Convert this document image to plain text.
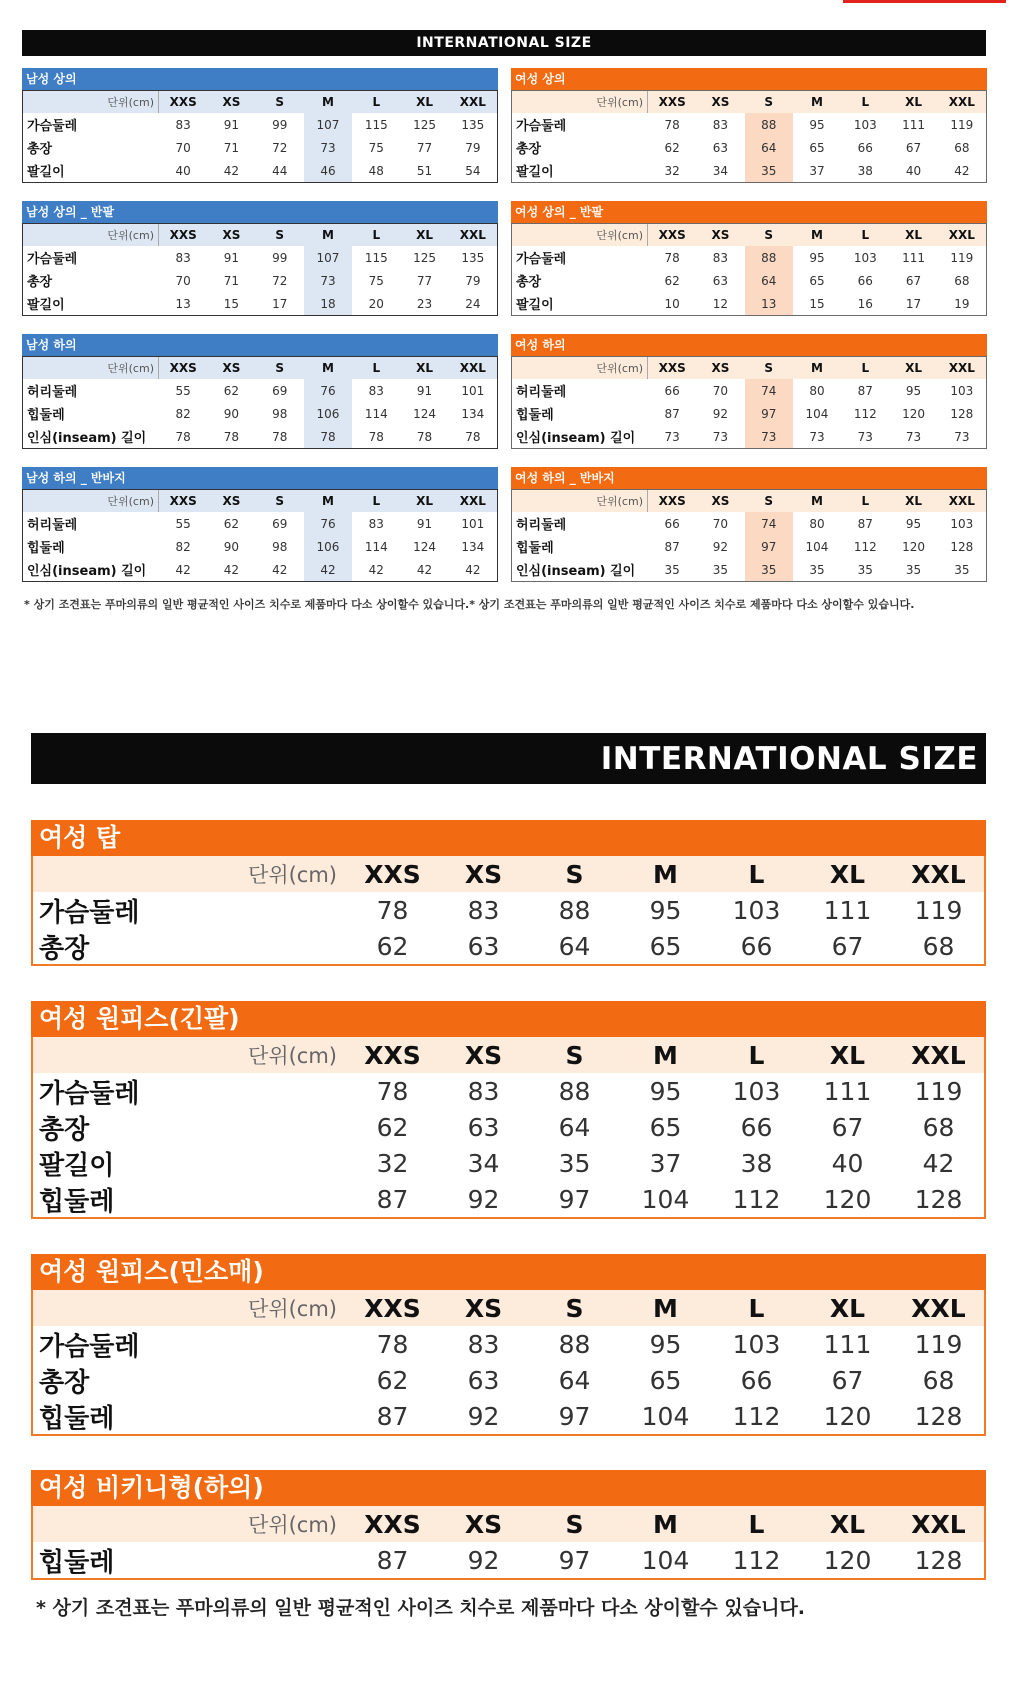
INTERNATIONAL SIZE
남성 상의
단위(cm)	XXS	XS	S	M	L	XL	XXL
가슴둘레	83	91	99	107	115	125	135
총장	70	71	72	73	75	77	79
팔길이	40	42	44	46	48	51	54
여성 상의
단위(cm)	XXS	XS	S	M	L	XL	XXL
가슴둘레	78	83	88	95	103	111	119
총장	62	63	64	65	66	67	68
팔길이	32	34	35	37	38	40	42
남성 상의 _ 반팔
단위(cm)	XXS	XS	S	M	L	XL	XXL
가슴둘레	83	91	99	107	115	125	135
총장	70	71	72	73	75	77	79
팔길이	13	15	17	18	20	23	24
여성 상의 _ 반팔
단위(cm)	XXS	XS	S	M	L	XL	XXL
가슴둘레	78	83	88	95	103	111	119
총장	62	63	64	65	66	67	68
팔길이	10	12	13	15	16	17	19
남성 하의
단위(cm)	XXS	XS	S	M	L	XL	XXL
허리둘레	55	62	69	76	83	91	101
힙둘레	82	90	98	106	114	124	134
인심(inseam) 길이	78	78	78	78	78	78	78
여성 하의
단위(cm)	XXS	XS	S	M	L	XL	XXL
허리둘레	66	70	74	80	87	95	103
힙둘레	87	92	97	104	112	120	128
인심(inseam) 길이	73	73	73	73	73	73	73
남성 하의 _ 반바지
단위(cm)	XXS	XS	S	M	L	XL	XXL
허리둘레	55	62	69	76	83	91	101
힙둘레	82	90	98	106	114	124	134
인심(inseam) 길이	42	42	42	42	42	42	42
여성 하의 _ 반바지
단위(cm)	XXS	XS	S	M	L	XL	XXL
허리둘레	66	70	74	80	87	95	103
힙둘레	87	92	97	104	112	120	128
인심(inseam) 길이	35	35	35	35	35	35	35
* 상기 조견표는 푸마의류의 일반 평균적인 사이즈 치수로 제품마다 다소 상이할수 있습니다.* 상기 조견표는 푸마의류의 일반 평균적인 사이즈 치수로 제품마다 다소 상이할수 있습니다.
INTERNATIONAL SIZE
여성 탑
단위(cm)	XXS	XS	S	M	L	XL	XXL
가슴둘레	78	83	88	95	103	111	119
총장	62	63	64	65	66	67	68
여성 원피스(긴팔)
단위(cm)	XXS	XS	S	M	L	XL	XXL
가슴둘레	78	83	88	95	103	111	119
총장	62	63	64	65	66	67	68
팔길이	32	34	35	37	38	40	42
힙둘레	87	92	97	104	112	120	128
여성 원피스(민소매)
단위(cm)	XXS	XS	S	M	L	XL	XXL
가슴둘레	78	83	88	95	103	111	119
총장	62	63	64	65	66	67	68
힙둘레	87	92	97	104	112	120	128
여성 비키니형(하의)
단위(cm)	XXS	XS	S	M	L	XL	XXL
힙둘레	87	92	97	104	112	120	128
* 상기 조견표는 푸마의류의 일반 평균적인 사이즈 치수로 제품마다 다소 상이할수 있습니다.
